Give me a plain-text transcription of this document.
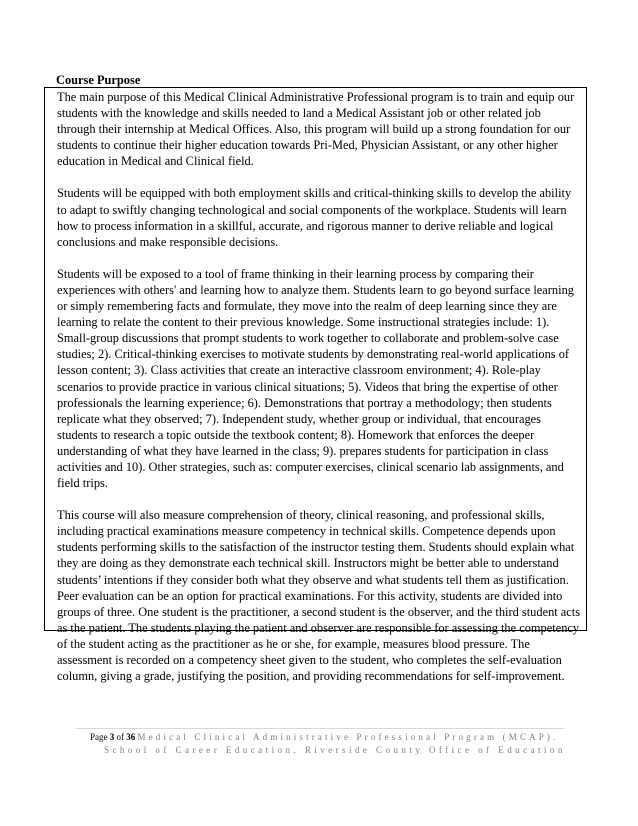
Course Purpose

The main purpose of this Medical Clinical Administrative Professional program is to train and equip our students with the knowledge and skills needed to land a Medical Assistant job or other related job through their internship at Medical Offices. Also, this program will build up a strong foundation for our students to continue their higher education towards Pri-Med, Physician Assistant, or any other higher education in Medical and Clinical field.

Students will be equipped with both employment skills and critical-thinking skills to develop the ability to adapt to swiftly changing technological and social components of the workplace. Students will learn how to process information in a skillful, accurate, and rigorous manner to derive reliable and logical conclusions and make responsible decisions.

Students will be exposed to a tool of frame thinking in their learning process by comparing their experiences with others' and learning how to analyze them. Students learn to go beyond surface learning or simply remembering facts and formulate, they move into the realm of deep learning since they are learning to relate the content to their previous knowledge. Some instructional strategies include: 1). Small-group discussions that prompt students to work together to collaborate and problem-solve case studies; 2). Critical-thinking exercises to motivate students by demonstrating real-world applications of lesson content; 3). Class activities that create an interactive classroom environment; 4). Role-play scenarios to provide practice in various clinical situations; 5). Videos that bring the expertise of other professionals the learning experience; 6). Demonstrations that portray a methodology; then students replicate what they observed; 7). Independent study, whether group or individual, that encourages students to research a topic outside the textbook content; 8). Homework that enforces the deeper understanding of what they have learned in the class; 9). prepares students for participation in class activities and 10). Other strategies, such as: computer exercises, clinical scenario lab assignments, and field trips.

This course will also measure comprehension of theory, clinical reasoning, and professional skills, including practical examinations measure competency in technical skills. Competence depends upon students performing skills to the satisfaction of the instructor testing them. Students should explain what they are doing as they demonstrate each technical skill. Instructors might be better able to understand students’ intentions if they consider both what they observe and what students tell them as justification. Peer evaluation can be an option for practical examinations. For this activity, students are divided into groups of three. One student is the practitioner, a second student is the observer, and the third student acts as the patient. The students playing the patient and observer are responsible for assessing the competency of the student acting as the practitioner as he or she, for example, measures blood pressure. The assessment is recorded on a competency sheet given to the student, who completes the self-evaluation column, giving a grade, justifying the position, and providing recommendations for self-improvement.

Page 3 of 36 Medical Clinical Administrative Professional Program (MCAP).
School of Career Education. Riverside County Office of Education
